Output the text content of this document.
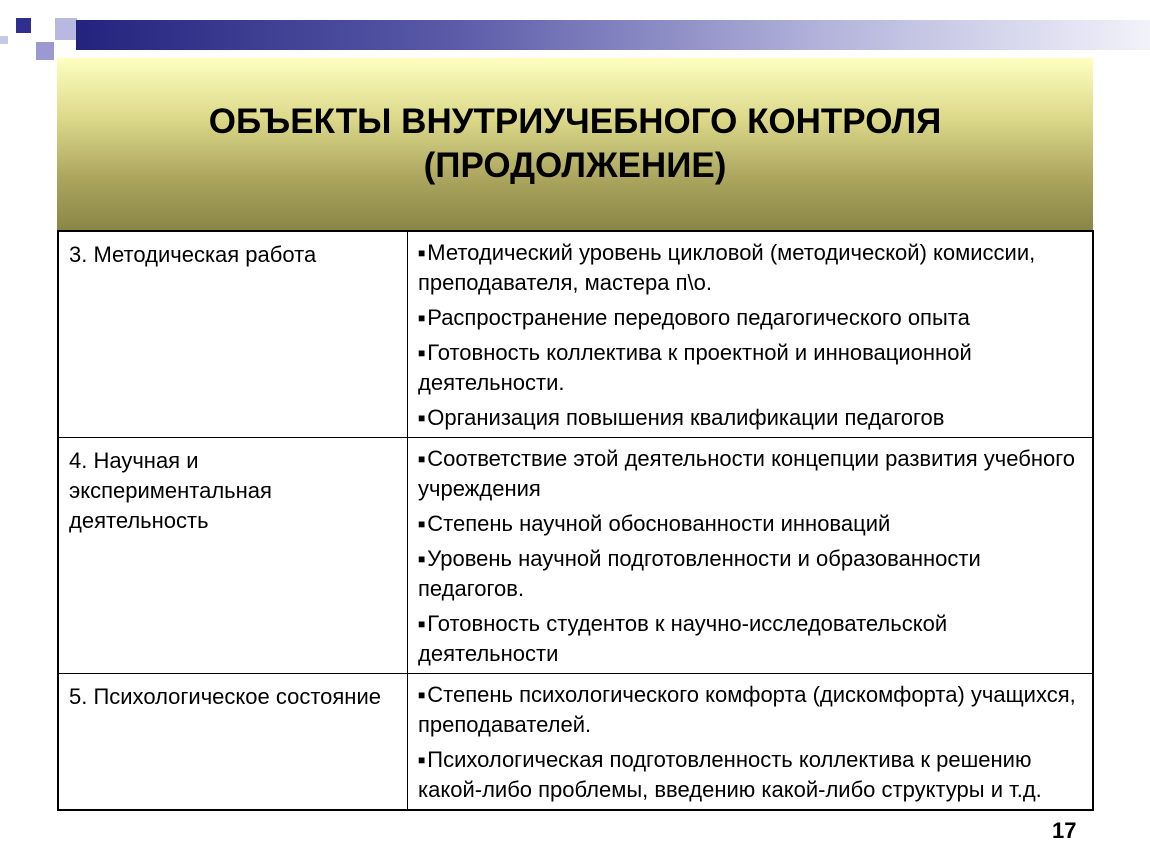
ОБЪЕКТЫ ВНУТРИУЧЕБНОГО КОНТРОЛЯ
(ПРОДОЛЖЕНИЕ)
3. Методическая работа	■Методический уровень цикловой (методической) комиссии, преподавателя, мастера п\о.
■Распространение передового педагогического опыта
■Готовность коллектива к проектной и инновационной деятельности.
■Организация повышения квалификации педагогов

4. Научная и экспериментальная деятельность	■Соответствие этой деятельности концепции развития учебного учреждения
■Степень научной обоснованности инноваций
■Уровень научной подготовленности и образованности педагогов.
■Готовность студентов к научно-исследовательской деятельности

5. Психологическое состояние	■Степень психологического комфорта (дискомфорта) учащихся, преподавателей.
■Психологическая подготовленность коллектива к решению какой-либо проблемы, введению какой-либо структуры и т.д.
17
